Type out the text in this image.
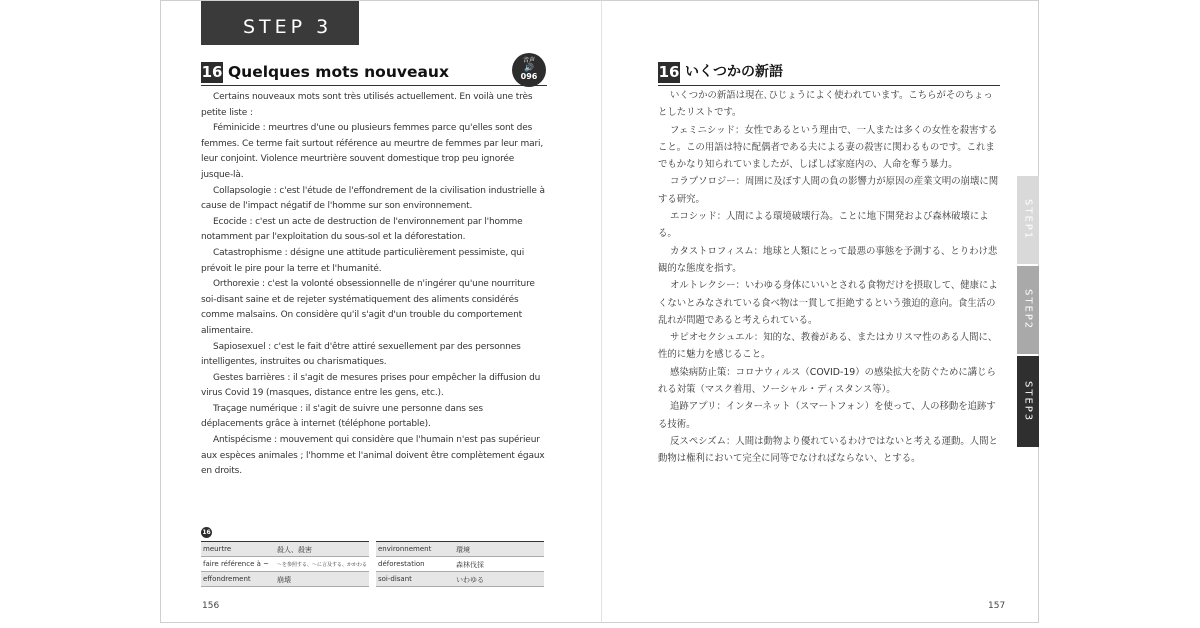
STEP 3
16 Quelques mots nouveaux
音声
🔊
096

Certains nouveaux mots sont très utilisés actuellement. En voilà une très petite liste :

Féminicide : meurtres d'une ou plusieurs femmes parce qu'elles sont des femmes. Ce terme fait surtout référence au meurtre de femmes par leur mari, leur conjoint. Violence meurtrière souvent domestique trop peu ignorée jusque-là.

Collapsologie : c'est l'étude de l'effondrement de la civilisation industrielle à cause de l'impact négatif de l'homme sur son environnement.

Ecocide : c'est un acte de destruction de l'environnement par l'homme notamment par l'exploitation du sous-sol et la déforestation.

Catastrophisme : désigne une attitude particulièrement pessimiste, qui prévoit le pire pour la terre et l'humanité.

Orthorexie : c'est la volonté obsessionnelle de n'ingérer qu'une nourriture soi-disant saine et de rejeter systématiquement des aliments considérés comme malsains. On considère qu'il s'agit d'un trouble du comportement alimentaire.

Sapiosexuel : c'est le fait d'être attiré sexuellement par des personnes intelligentes, instruites ou charismatiques.

Gestes barrières : il s'agit de mesures prises pour empêcher la diffusion du virus Covid 19 (masques, distance entre les gens, etc.).

Traçage numérique : il s'agit de suivre une personne dans ses déplacements grâce à internet (téléphone portable).

Antispécisme : mouvement qui considère que l'humain n'est pas supérieur aux espèces animales ; l'homme et l'animal doivent être complètement égaux en droits.

16
meurtre	殺人、殺害
faire référence à ~ ～を参照する、～に言及する、かかわる
effondrement	崩壊
environnement	環境
déforestation	森林伐採
soi-disant	いわゆる
156
16 いくつかの新語

いくつかの新語は現在､ひじょうによく使われています。こちらがそのちょっとしたリストです。

フェミニシッド：女性であるという理由で、一人または多くの女性を殺害すること。この用語は特に配偶者である夫による妻の殺害に関わるものです。これまでもかなり知られていましたが、しばしば家庭内の、人命を奪う暴力。

コラプソロジー：周囲に及ぼす人間の負の影響力が原因の産業文明の崩壊に関する研究。

エコシッド：人間による環境破壊行為。ことに地下開発および森林破壊による。

カタストロフィスム：地球と人類にとって最悪の事態を予測する、とりわけ悲観的な態度を指す。

オルトレクシー：いわゆる身体にいいとされる食物だけを摂取して、健康によくないとみなされている食べ物は一貫して拒絶するという強迫的意向。食生活の乱れが問題であると考えられている。

サピオセクシュエル：知的な、教養がある、またはカリスマ性のある人間に、性的に魅力を感じること。

感染病防止策：コロナウィルス（COVID-19）の感染拡大を防ぐために講じられる対策（マスク着用、ソーシャル・ディスタンス等）。

追跡アプリ：インターネット（スマートフォン）を使って、人の移動を追跡する技術。

反スペシズム：人間は動物より優れているわけではないと考える運動。人間と動物は権利において完全に同等でなければならない、とする。

157
STEP1
STEP2
STEP3
